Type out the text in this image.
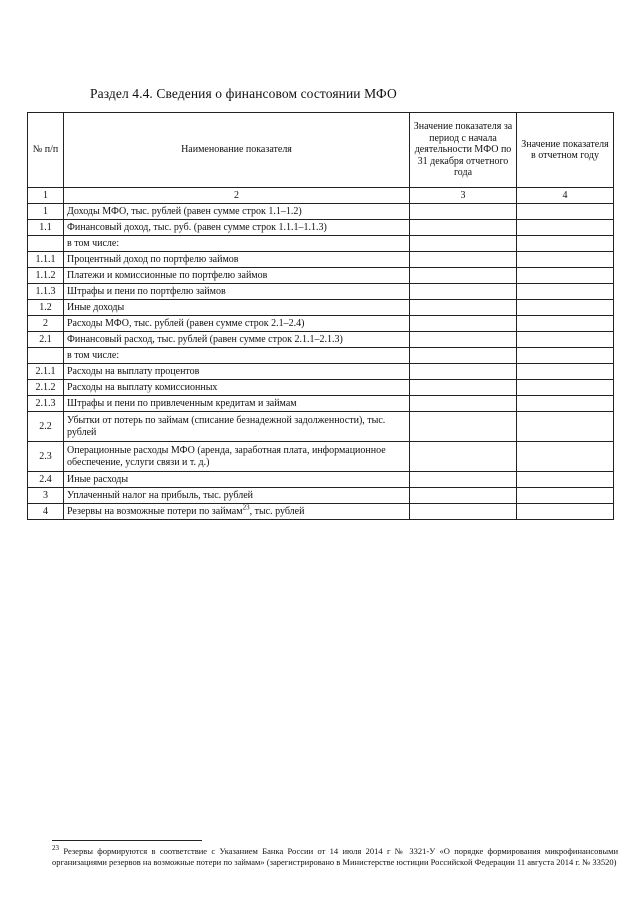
Раздел 4.4. Сведения о финансовом состоянии МФО
№ п/п	Наименование показателя	Значение показателя за период с начала деятельности МФО по 31 декабря отчетного года	Значение показателя в отчетном году
1	2	3	4
1	Доходы МФО, тыс. рублей (равен сумме строк 1.1–1.2)		
1.1	Финансовый доход, тыс. руб. (равен сумме строк 1.1.1–1.1.3)		
	в том числе:		
1.1.1	Процентный доход по портфелю займов		
1.1.2	Платежи и комиссионные по портфелю займов		
1.1.3	Штрафы и пени по портфелю займов		
1.2	Иные доходы		
2	Расходы МФО, тыс. рублей (равен сумме строк 2.1–2.4)		
2.1	Финансовый расход, тыс. рублей (равен сумме строк 2.1.1–2.1.3)		
	в том числе:		
2.1.1	Расходы на выплату процентов		
2.1.2	Расходы на выплату комиссионных		
2.1.3	Штрафы и пени по привлеченным кредитам и займам		
2.2	Убытки от потерь по займам (списание безнадежной задолженности), тыс. рублей		
2.3	Операционные расходы МФО (аренда, заработная плата, информационное обеспечение, услуги связи и т. д.)		
2.4	Иные расходы		
3	Уплаченный налог на прибыль, тыс. рублей		
4	Резервы на возможные потери по займам$^{23}$, тыс. рублей		
$^{23}$ Резервы формируются в соответствие с Указанием Банка России от 14 июля 2014 г № 3321-У «О порядке формирования микрофинансовыми организациями резервов на возможные потери по займам» (зарегистрировано в Министерстве юстиции Российской Федерации 11 августа 2014 г. № 33520)
